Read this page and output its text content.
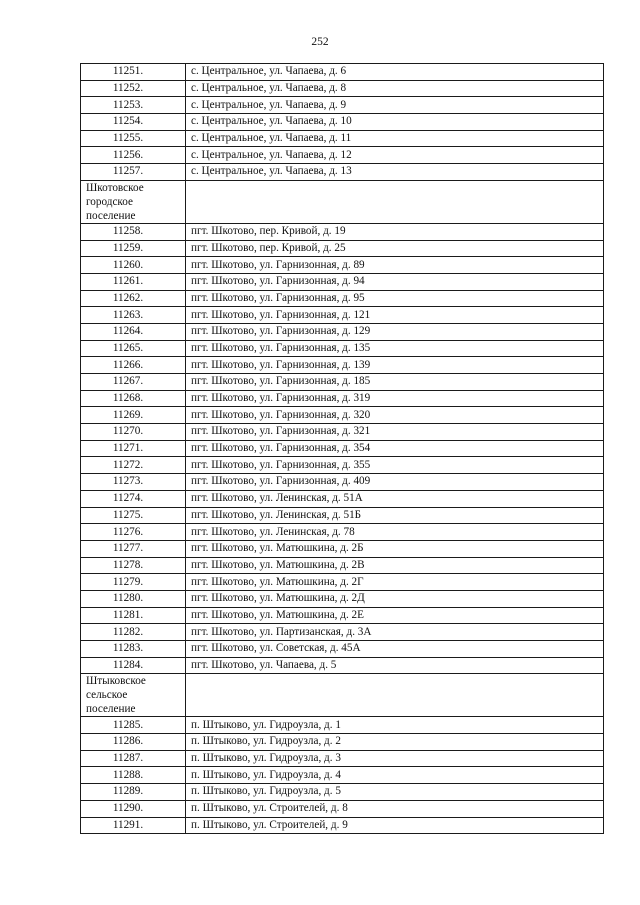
252
11251.	с. Центральное, ул. Чапаева, д. 6
11252.	с. Центральное, ул. Чапаева, д. 8
11253.	с. Центральное, ул. Чапаева, д. 9
11254.	с. Центральное, ул. Чапаева, д. 10
11255.	с. Центральное, ул. Чапаева, д. 11
11256.	с. Центральное, ул. Чапаева, д. 12
11257.	с. Центральное, ул. Чапаева, д. 13
Шкотовское городское поселение	
11258.	пгт. Шкотово, пер. Кривой, д. 19
11259.	пгт. Шкотово, пер. Кривой, д. 25
11260.	пгт. Шкотово, ул. Гарнизонная, д. 89
11261.	пгт. Шкотово, ул. Гарнизонная, д. 94
11262.	пгт. Шкотово, ул. Гарнизонная, д. 95
11263.	пгт. Шкотово, ул. Гарнизонная, д. 121
11264.	пгт. Шкотово, ул. Гарнизонная, д. 129
11265.	пгт. Шкотово, ул. Гарнизонная, д. 135
11266.	пгт. Шкотово, ул. Гарнизонная, д. 139
11267.	пгт. Шкотово, ул. Гарнизонная, д. 185
11268.	пгт. Шкотово, ул. Гарнизонная, д. 319
11269.	пгт. Шкотово, ул. Гарнизонная, д. 320
11270.	пгт. Шкотово, ул. Гарнизонная, д. 321
11271.	пгт. Шкотово, ул. Гарнизонная, д. 354
11272.	пгт. Шкотово, ул. Гарнизонная, д. 355
11273.	пгт. Шкотово, ул. Гарнизонная, д. 409
11274.	пгт. Шкотово, ул. Ленинская, д. 51А
11275.	пгт. Шкотово, ул. Ленинская, д. 51Б
11276.	пгт. Шкотово, ул. Ленинская, д. 78
11277.	пгт. Шкотово, ул. Матюшкина, д. 2Б
11278.	пгт. Шкотово, ул. Матюшкина, д. 2В
11279.	пгт. Шкотово, ул. Матюшкина, д. 2Г
11280.	пгт. Шкотово, ул. Матюшкина, д. 2Д
11281.	пгт. Шкотово, ул. Матюшкина, д. 2Е
11282.	пгт. Шкотово, ул. Партизанская, д. 3А
11283.	пгт. Шкотово, ул. Советская, д. 45А
11284.	пгт. Шкотово, ул. Чапаева, д. 5
Штыковское сельское поселение	
11285.	п. Штыково, ул. Гидроузла, д. 1
11286.	п. Штыково, ул. Гидроузла, д. 2
11287.	п. Штыково, ул. Гидроузла, д. 3
11288.	п. Штыково, ул. Гидроузла, д. 4
11289.	п. Штыково, ул. Гидроузла, д. 5
11290.	п. Штыково, ул. Строителей, д. 8
11291.	п. Штыково, ул. Строителей, д. 9
